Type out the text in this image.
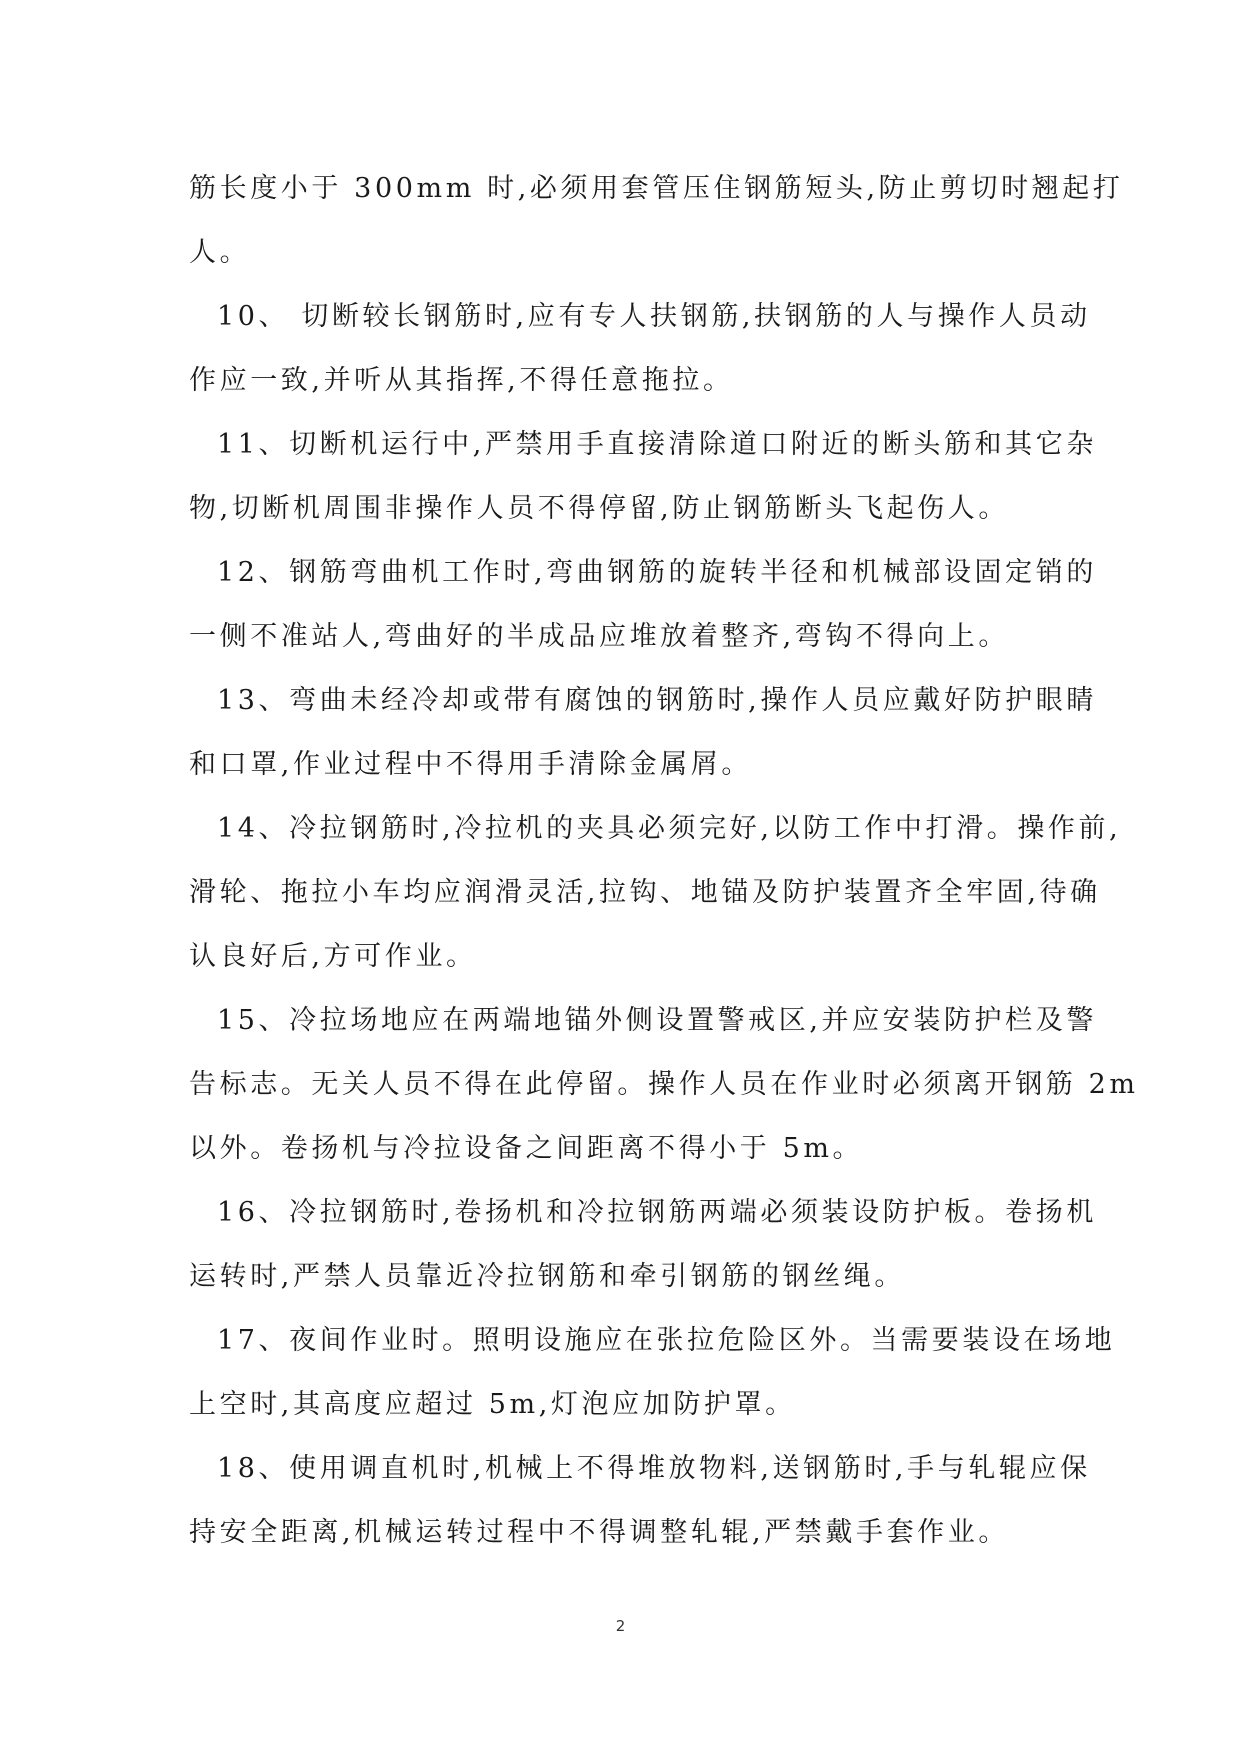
筋长度小于 300mm 时,必须用套管压住钢筋短头,防止剪切时翘起打
人。
10、 切断较长钢筋时,应有专人扶钢筋,扶钢筋的人与操作人员动
作应一致,并听从其指挥,不得任意拖拉。
11、切断机运行中,严禁用手直接清除道口附近的断头筋和其它杂
物,切断机周围非操作人员不得停留,防止钢筋断头飞起伤人。
12、钢筋弯曲机工作时,弯曲钢筋的旋转半径和机械部设固定销的
一侧不准站人,弯曲好的半成品应堆放着整齐,弯钩不得向上。
13、弯曲未经冷却或带有腐蚀的钢筋时,操作人员应戴好防护眼睛
和口罩,作业过程中不得用手清除金属屑。
14、冷拉钢筋时,冷拉机的夹具必须完好,以防工作中打滑。操作前,
滑轮、拖拉小车均应润滑灵活,拉钩、地锚及防护装置齐全牢固,待确
认良好后,方可作业。
15、冷拉场地应在两端地锚外侧设置警戒区,并应安装防护栏及警
告标志。无关人员不得在此停留。操作人员在作业时必须离开钢筋 2m
以外。卷扬机与冷拉设备之间距离不得小于 5m。
16、冷拉钢筋时,卷扬机和冷拉钢筋两端必须装设防护板。卷扬机
运转时,严禁人员靠近冷拉钢筋和牵引钢筋的钢丝绳。
17、夜间作业时。照明设施应在张拉危险区外。当需要装设在场地
上空时,其高度应超过 5m,灯泡应加防护罩。
18、使用调直机时,机械上不得堆放物料,送钢筋时,手与轧辊应保
持安全距离,机械运转过程中不得调整轧辊,严禁戴手套作业。
2
